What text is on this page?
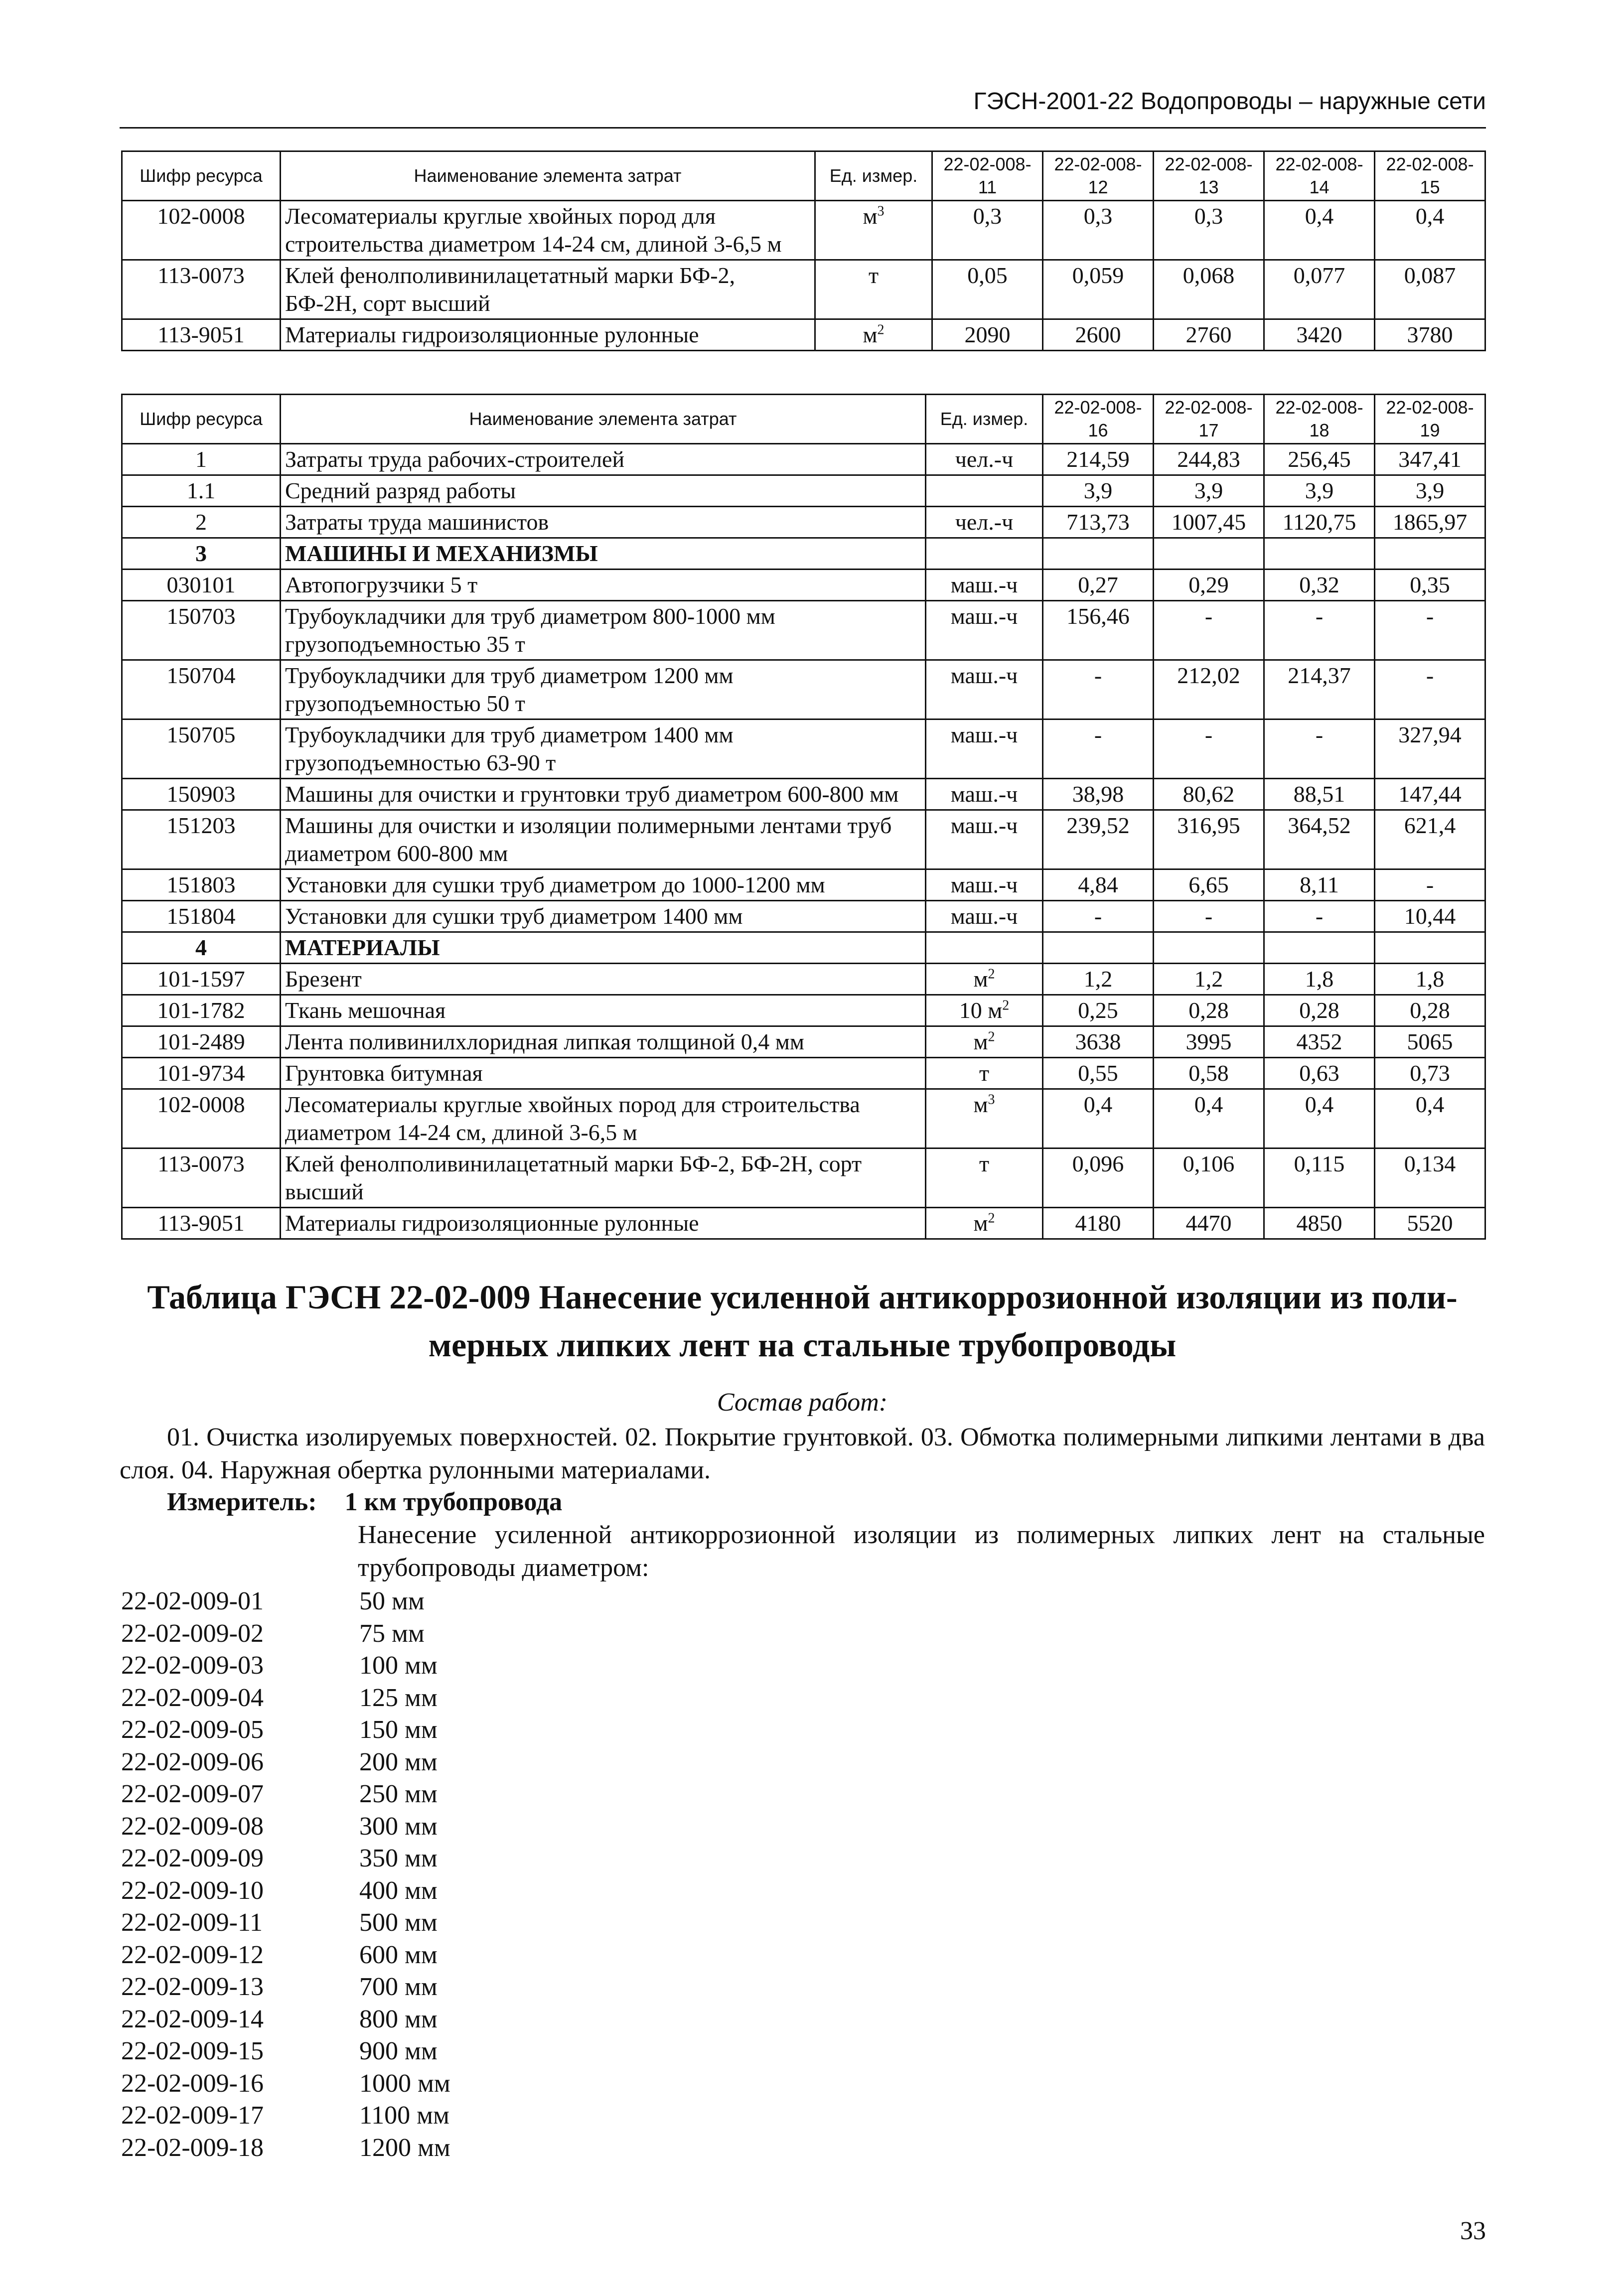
ГЭСН-2001-22 Водопроводы – наружные сети
Шифр ресурса	Наименование элемента затрат	Ед. измер.	22-02-008-11	22-02-008-12	22-02-008-13	22-02-008-14	22-02-008-15
102-0008	Лесоматериалы круглые хвойных пород для строительства диаметром 14-24 см, длиной 3-6,5 м	$м^3$	0,3	0,3	0,3	0,4	0,4
113-0073	Клей фенолполивинилацетатный марки БФ-2, БФ-2Н, сорт высший	т	0,05	0,059	0,068	0,077	0,087
113-9051	Материалы гидроизоляционные рулонные	$м^2$	2090	2600	2760	3420	3780
Шифр ресурса	Наименование элемента затрат	Ед. измер.	22-02-008-16	22-02-008-17	22-02-008-18	22-02-008-19
1	Затраты труда рабочих-строителей	чел.-ч	214,59	244,83	256,45	347,41
1.1	Средний разряд работы		3,9	3,9	3,9	3,9
2	Затраты труда машинистов	чел.-ч	713,73	1007,45	1120,75	1865,97
3	МАШИНЫ И МЕХАНИЗМЫ					
030101	Автопогрузчики 5 т	маш.-ч	0,27	0,29	0,32	0,35
150703	Трубоукладчики для труб диаметром 800-1000 мм грузоподъемностью 35 т	маш.-ч	156,46	-	-	-
150704	Трубоукладчики для труб диаметром 1200 мм грузоподъемностью 50 т	маш.-ч	-	212,02	214,37	-
150705	Трубоукладчики для труб диаметром 1400 мм грузоподъемностью 63-90 т	маш.-ч	-	-	-	327,94
150903	Машины для очистки и грунтовки труб диаметром 600-800 мм	маш.-ч	38,98	80,62	88,51	147,44
151203	Машины для очистки и изоляции полимерными лентами труб диаметром 600-800 мм	маш.-ч	239,52	316,95	364,52	621,4
151803	Установки для сушки труб диаметром до 1000-1200 мм	маш.-ч	4,84	6,65	8,11	-
151804	Установки для сушки труб диаметром 1400 мм	маш.-ч	-	-	-	10,44
4	МАТЕРИАЛЫ					
101-1597	Брезент	$м^2$	1,2	1,2	1,8	1,8
101-1782	Ткань мешочная	10 $м^2$	0,25	0,28	0,28	0,28
101-2489	Лента поливинилхлоридная липкая толщиной 0,4 мм	$м^2$	3638	3995	4352	5065
101-9734	Грунтовка битумная	т	0,55	0,58	0,63	0,73
102-0008	Лесоматериалы круглые хвойных пород для строительства диаметром 14-24 см, длиной 3-6,5 м	$м^3$	0,4	0,4	0,4	0,4
113-0073	Клей фенолполивинилацетатный марки БФ-2, БФ-2Н, сорт высший	т	0,096	0,106	0,115	0,134
113-9051	Материалы гидроизоляционные рулонные	$м^2$	4180	4470	4850	5520
Таблица ГЭСН 22-02-009 Нанесение усиленной антикоррозионной изоляции из поли-
мерных липких лент на стальные трубопроводы
Состав работ:
01. Очистка изолируемых поверхностей. 02. Покрытие грунтовкой. 03. Обмотка полимерными липкими лентами в два слоя. 04. Наружная обертка рулонными материалами.
Измеритель: 1 км трубопровода
Нанесение усиленной антикоррозионной изоляции из полимерных липких лент на стальные трубопроводы диаметром:
22-02-009-01	50 мм
22-02-009-02	75 мм
22-02-009-03	100 мм
22-02-009-04	125 мм
22-02-009-05	150 мм
22-02-009-06	200 мм
22-02-009-07	250 мм
22-02-009-08	300 мм
22-02-009-09	350 мм
22-02-009-10	400 мм
22-02-009-11	500 мм
22-02-009-12	600 мм
22-02-009-13	700 мм
22-02-009-14	800 мм
22-02-009-15	900 мм
22-02-009-16	1000 мм
22-02-009-17	1100 мм
22-02-009-18	1200 мм
33
